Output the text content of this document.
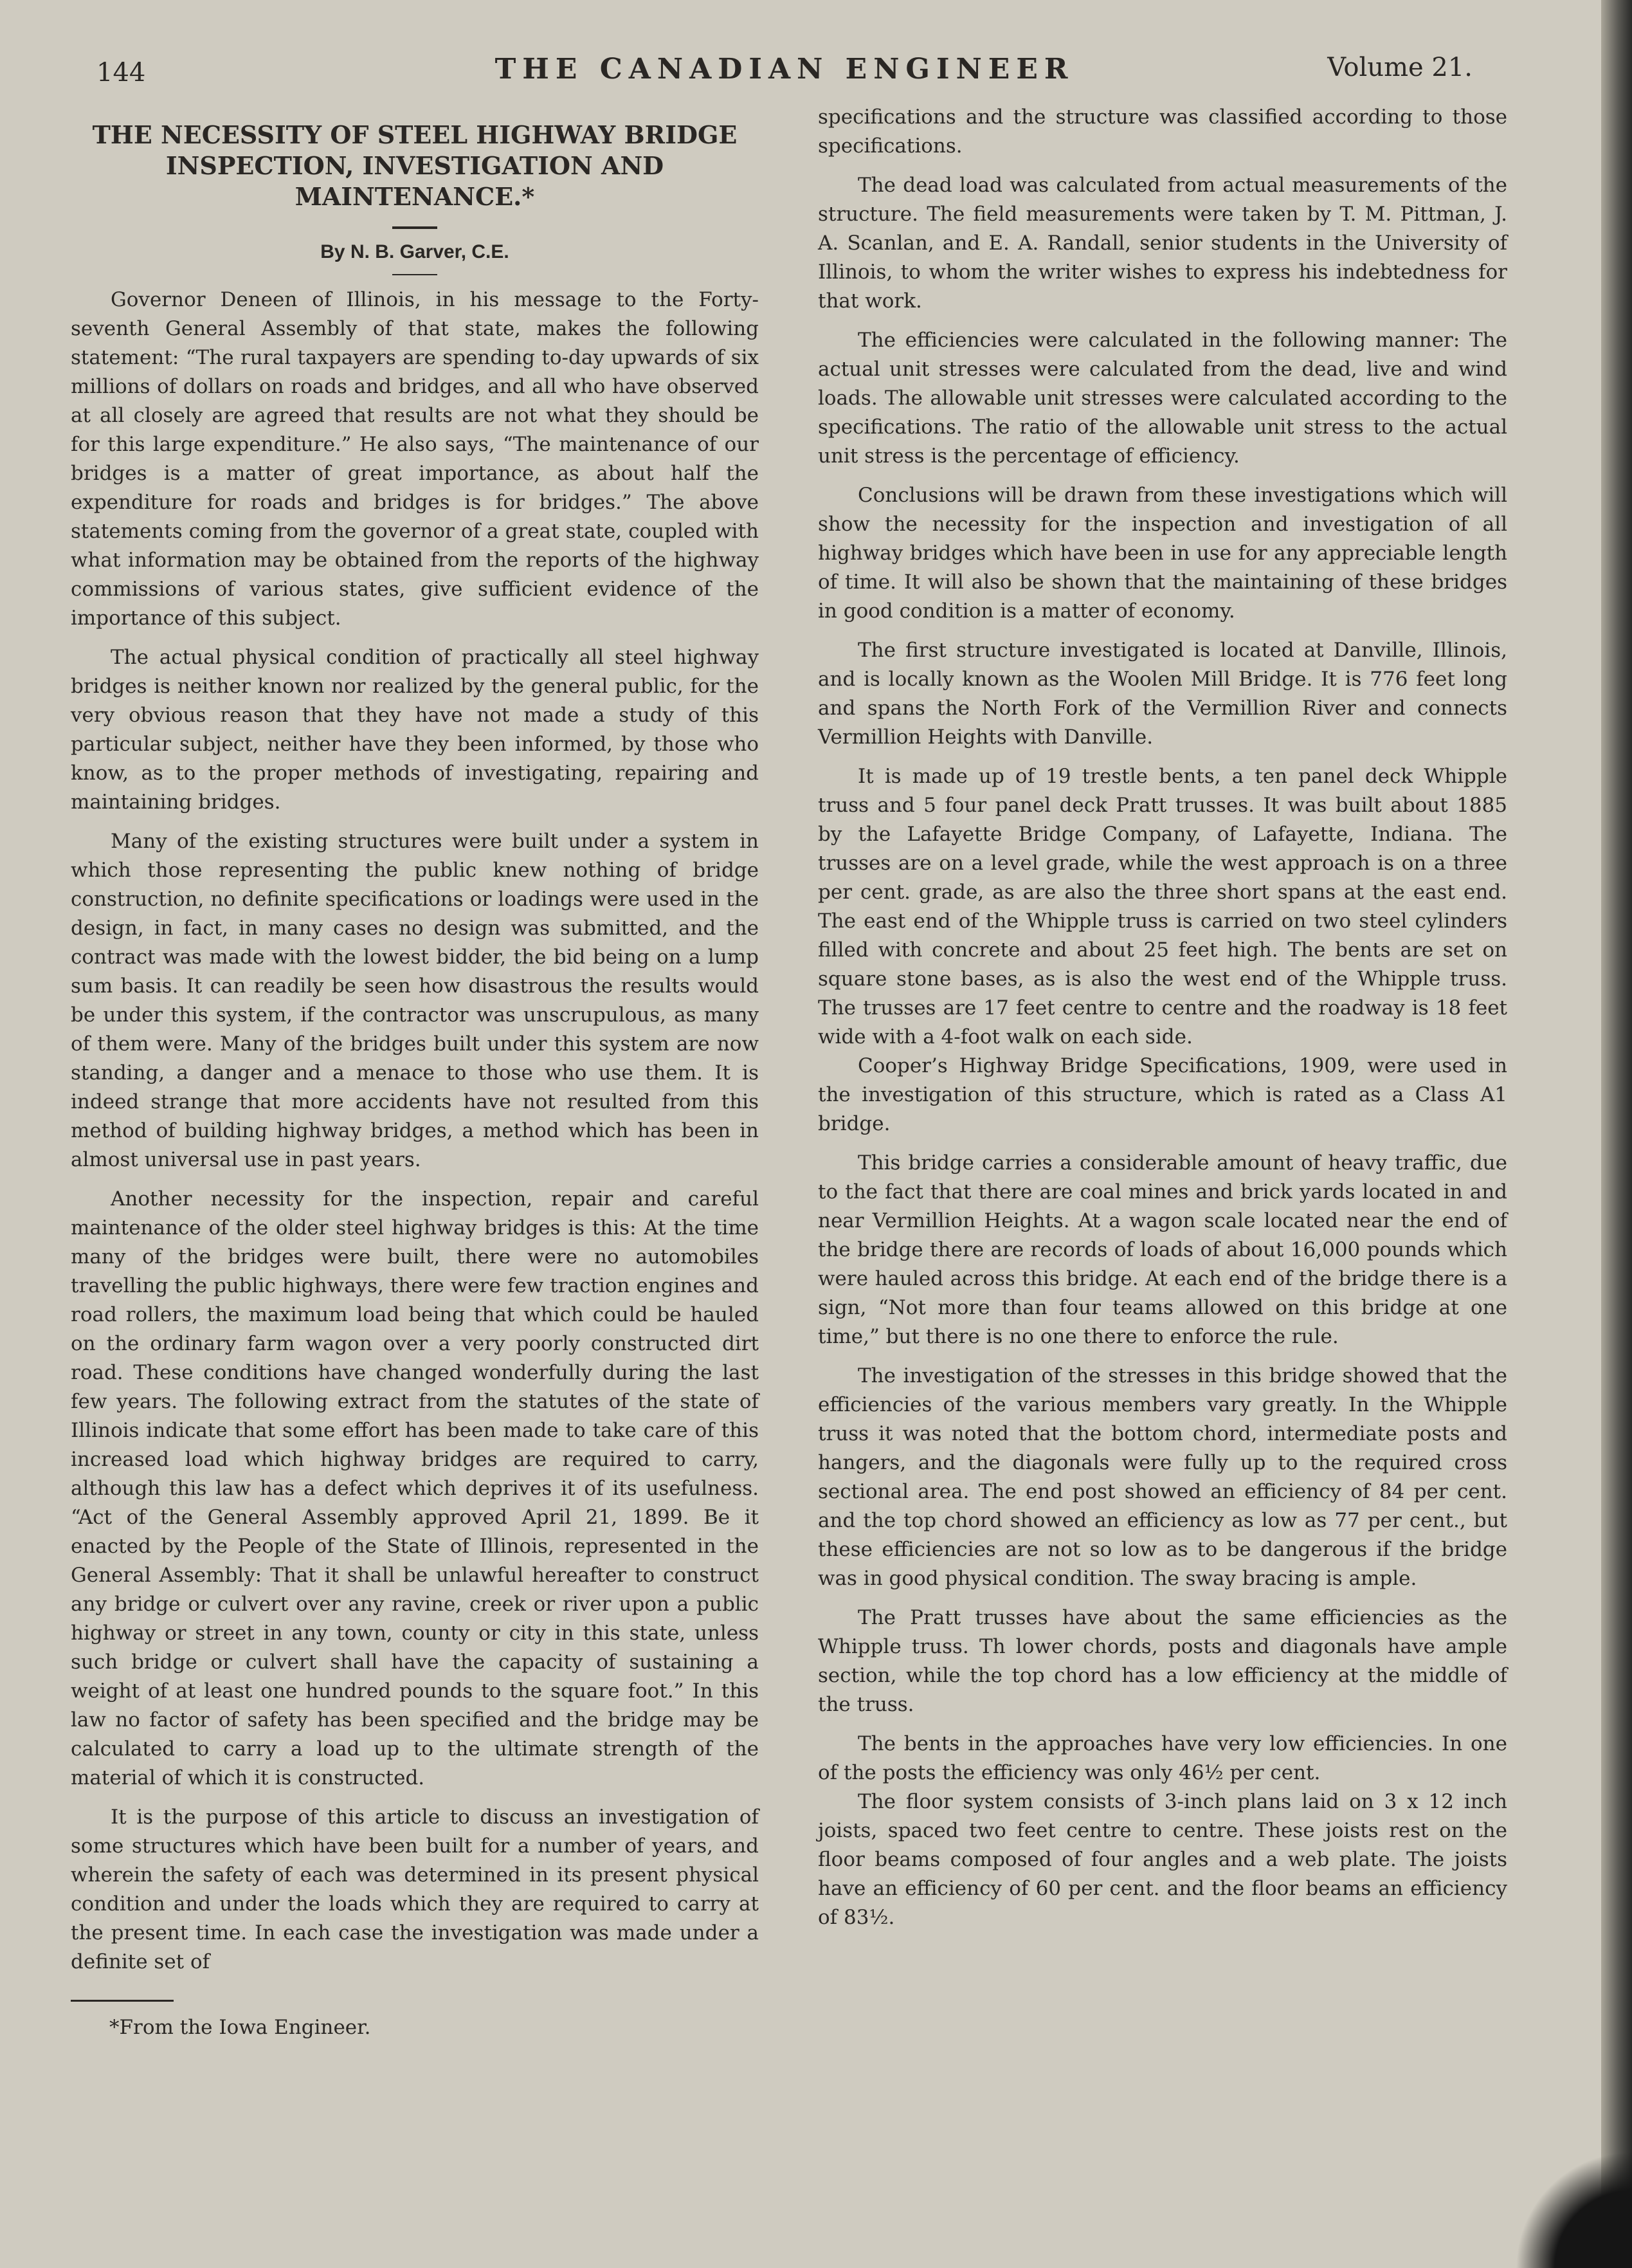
144	THE CANADIAN ENGINEER	Volume 21.
THE NECESSITY OF STEEL HIGHWAY BRIDGE
INSPECTION, INVESTIGATION AND
MAINTENANCE.*
By N. B. Garver, C.E.

Governor Deneen of Illinois, in his message to the Forty-seventh General Assembly of that state, makes the following statement: “The rural taxpayers are spending to-day upwards of six millions of dollars on roads and bridges, and all who have observed at all closely are agreed that results are not what they should be for this large expenditure.” He also says, “The maintenance of our bridges is a matter of great importance, as about half the expenditure for roads and bridges is for bridges.” The above statements coming from the governor of a great state, coupled with what information may be obtained from the reports of the highway commissions of various states, give sufficient evidence of the importance of this subject.

The actual physical condition of practically all steel highway bridges is neither known nor realized by the general public, for the very obvious reason that they have not made a study of this particular subject, neither have they been informed, by those who know, as to the proper methods of investigating, repairing and maintaining bridges.

Many of the existing structures were built under a system in which those representing the public knew nothing of bridge construction, no definite specifications or loadings were used in the design, in fact, in many cases no design was submitted, and the contract was made with the lowest bidder, the bid being on a lump sum basis. It can readily be seen how disastrous the results would be under this system, if the contractor was unscrupulous, as many of them were. Many of the bridges built under this system are now standing, a danger and a menace to those who use them. It is indeed strange that more accidents have not resulted from this method of building highway bridges, a method which has been in almost universal use in past years.

Another necessity for the inspection, repair and careful maintenance of the older steel highway bridges is this: At the time many of the bridges were built, there were no automobiles travelling the public highways, there were few traction engines and road rollers, the maximum load being that which could be hauled on the ordinary farm wagon over a very poorly constructed dirt road. These conditions have changed wonderfully during the last few years. The following extract from the statutes of the state of Illinois indicate that some effort has been made to take care of this increased load which highway bridges are required to carry, although this law has a defect which deprives it of its usefulness. “Act of the General Assembly approved April 21, 1899. Be it enacted by the People of the State of Illinois, represented in the General Assembly: That it shall be unlawful hereafter to construct any bridge or culvert over any ravine, creek or river upon a public highway or street in any town, county or city in this state, unless such bridge or culvert shall have the capacity of sustaining a weight of at least one hundred pounds to the square foot.” In this law no factor of safety has been specified and the bridge may be calculated to carry a load up to the ultimate strength of the material of which it is constructed.

It is the purpose of this article to discuss an investigation of some structures which have been built for a number of years, and wherein the safety of each was determined in its present physical condition and under the loads which they are required to carry at the present time. In each case the investigation was made under a definite set of

*From the Iowa Engineer.

specifications and the structure was classified according to those specifications.

The dead load was calculated from actual measurements of the structure. The field measurements were taken by T. M. Pittman, J. A. Scanlan, and E. A. Randall, senior students in the University of Illinois, to whom the writer wishes to express his indebtedness for that work.

The efficiencies were calculated in the following manner: The actual unit stresses were calculated from the dead, live and wind loads. The allowable unit stresses were calculated according to the specifications. The ratio of the allowable unit stress to the actual unit stress is the percentage of efficiency.

Conclusions will be drawn from these investigations which will show the necessity for the inspection and investigation of all highway bridges which have been in use for any appreciable length of time. It will also be shown that the maintaining of these bridges in good condition is a matter of economy.

The first structure investigated is located at Danville, Illinois, and is locally known as the Woolen Mill Bridge. It is 776 feet long and spans the North Fork of the Vermillion River and connects Vermillion Heights with Danville.

It is made up of 19 trestle bents, a ten panel deck Whipple truss and 5 four panel deck Pratt trusses. It was built about 1885 by the Lafayette Bridge Company, of Lafayette, Indiana. The trusses are on a level grade, while the west approach is on a three per cent. grade, as are also the three short spans at the east end. The east end of the Whipple truss is carried on two steel cylinders filled with concrete and about 25 feet high. The bents are set on square stone bases, as is also the west end of the Whipple truss. The trusses are 17 feet centre to centre and the roadway is 18 feet wide with a 4-foot walk on each side.

Cooper’s Highway Bridge Specifications, 1909, were used in the investigation of this structure, which is rated as a Class A1 bridge.

This bridge carries a considerable amount of heavy traffic, due to the fact that there are coal mines and brick yards located in and near Vermillion Heights. At a wagon scale located near the end of the bridge there are records of loads of about 16,000 pounds which were hauled across this bridge. At each end of the bridge there is a sign, “Not more than four teams allowed on this bridge at one time,” but there is no one there to enforce the rule.

The investigation of the stresses in this bridge showed that the efficiencies of the various members vary greatly. In the Whipple truss it was noted that the bottom chord, intermediate posts and hangers, and the diagonals were fully up to the required cross sectional area. The end post showed an efficiency of 84 per cent. and the top chord showed an efficiency as low as 77 per cent., but these efficiencies are not so low as to be dangerous if the bridge was in good physical condition. The sway bracing is ample.

The Pratt trusses have about the same efficiencies as the Whipple truss. Th lower chords, posts and diagonals have ample section, while the top chord has a low efficiency at the middle of the truss.

The bents in the approaches have very low efficiencies. In one of the posts the efficiency was only 46½ per cent.

The floor system consists of 3-inch plans laid on 3 x 12 inch joists, spaced two feet centre to centre. These joists rest on the floor beams composed of four angles and a web plate. The joists have an efficiency of 60 per cent. and the floor beams an efficiency of 83½.
